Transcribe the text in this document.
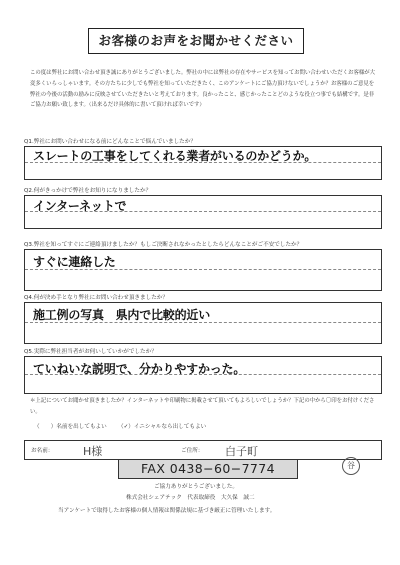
お客様のお声をお聞かせください
この度は弊社にお問い合わせ頂き誠にありがとうございました。弊社の中には弊社の存在やサービスを知ってお問い合わせいただくお客様が大変多くいらっしゃいます。その方たちに少しでも弊社を知っていただきたく、このアンケートにご協力頂けないでしょうか？お客様のご意見を弊社の今後の活動の励みに反映させていただきたいと考えております。良かったこと、感じかったことどのような役立つ事でも結構です。是非ご協力お願い致します。（出来るだけ具体的に書いて頂ければ幸いです）
Q1.弊社にお問い合わせになる前にどんなことで悩んでいましたか？
スレートの工事をしてくれる業者がいるのかどうか。
Q2.何がきっかけで弊社をお知りになりましたか？
インターネットで
Q3.弊社を知ってすぐにご連絡頂けましたか？もしご決断されなかったとしたらどんなことがご不安でしたか？
すぐに連絡した
Q4.何が決め手となり弊社にお問い合わせ頂きましたか？
施工例の写真　県内で比較的近い
Q5.実際に弊社担当者がお伺いしていかがでしたか？
ていねいな説明で、分かりやすかった。
＊上記についてお聞かせ頂きましたか？インターネットや印刷物に掲載させて頂いてもよろしいでしょうか？下記の中から〇印をお付けください。
（　　）名前を出してもよい （✓）イニシャルなら出してもよい
お名前：	H様	ご住所： 白子町
FAX 0438−60−7774	谷
ご協力ありがとうございました。
株式会社シェアテック　代表取締役　大久保　誠二
当アンケートで取得したお客様の個人情報は関係法規に基づき厳正に管理いたします。
